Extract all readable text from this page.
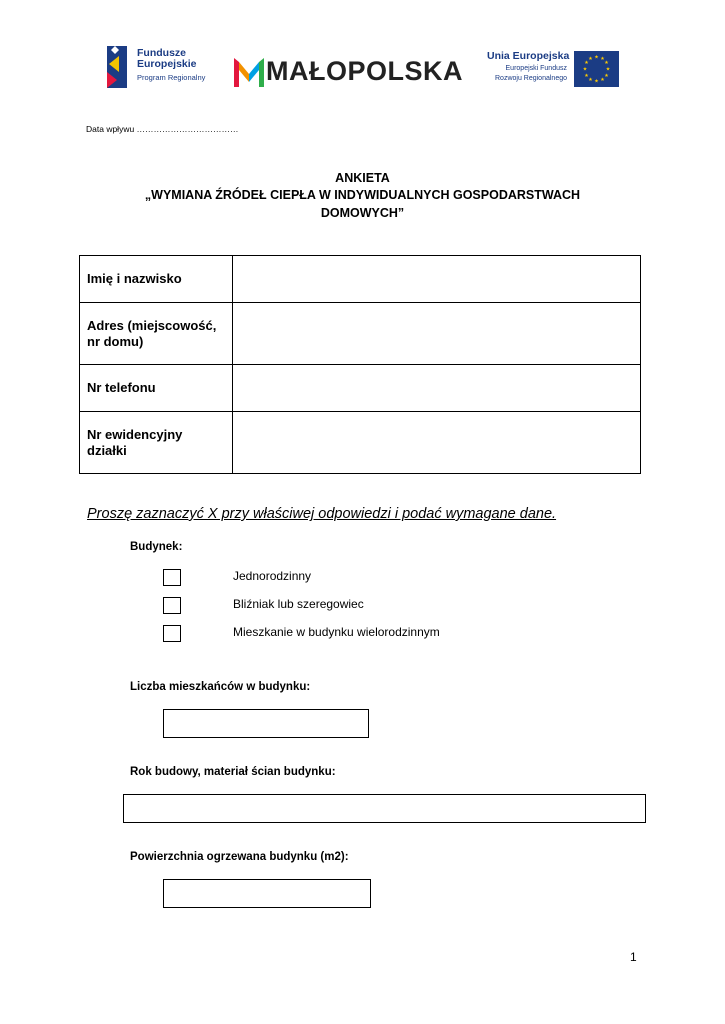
Fundusze
Europejskie
Program Regionalny MAŁOPOLSKA Unia Europejska
Europejski Fundusz
Rozwoju Regionalnego
★ ★
★
★
★
★
★
★
★
★
★
★
Data wpływu ………………………………
ANKIETA
„WYMIANA ŹRÓDEŁ CIEPŁA W INDYWIDUALNYCH GOSPODARSTWACH
DOMOWYCH”
Imię i nazwisko	
Adres (miejscowość,
nr domu)	
Nr telefonu	
Nr ewidencyjny
działki	
Proszę zaznaczyć X przy właściwej odpowiedzi i podać wymagane dane.
Budynek:
Jednorodzinny
Bliźniak lub szeregowiec
Mieszkanie w budynku wielorodzinnym
Liczba mieszkańców w budynku:
Rok budowy, materiał ścian budynku:
Powierzchnia ogrzewana budynku (m2):
1
